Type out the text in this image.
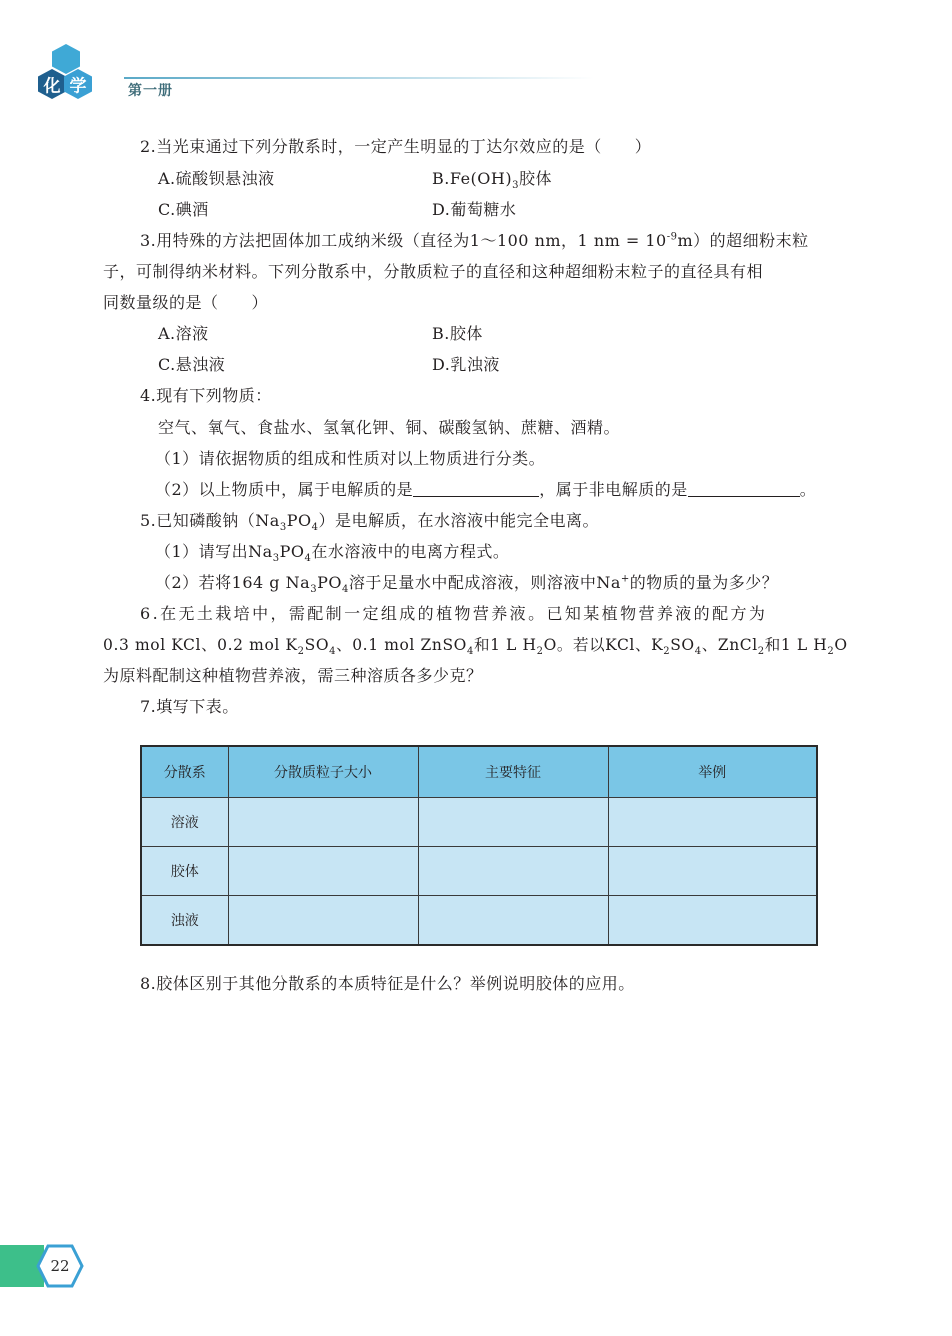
化 学	第一册
2.当光束通过下列分散系时，一定产生明显的丁达尔效应的是（　　）
A.硫酸钡悬浊液	$B.Fe(OH)_3$胶体
C.碘酒	D.葡萄糖水
3.用特殊的方法把固体加工成纳米级（直径为1～100 nm，1 nm = $10^{-9}m$）的超细粉末粒
子，可制得纳米材料。下列分散系中，分散质粒子的直径和这种超细粉末粒子的直径具有相
同数量级的是（　　）
A.溶液	B.胶体
C.悬浊液	D.乳浊液
4.现有下列物质：
空气、氧气、食盐水、氢氧化钾、铜、碳酸氢钠、蔗糖、酒精。
（1）请依据物质的组成和性质对以上物质进行分类。
（2）以上物质中，属于电解质的是	，属于非电解质的是	。
5.已知磷酸钠$(Na_3PO_4)$是电解质，在水溶液中能完全电离。
（1）请写出$Na_3PO_4$在水溶液中的电离方程式。
（2）若将164 g $Na_3PO_4$溶于足量水中配成溶液，则溶液中Na+的物质的量为多少？
6.在无土栽培中，需配制一定组成的植物营养液。已知某植物营养液的配方为
0.3 mol KCl、0.2 mol $K_2SO_4$、0.1 mol ZnSO$_4$和1 L $H_2O$。若以KCl、$K_2SO_4$、ZnCl$_2$和1 L $H_2O$
为原料配制这种植物营养液，需三种溶质各多少克？
7.填写下表。
分散系	分散质粒子大小	主要特征	举例
溶液			
胶体			
浊液			
8.胶体区别于其他分散系的本质特征是什么？举例说明胶体的应用。
22
